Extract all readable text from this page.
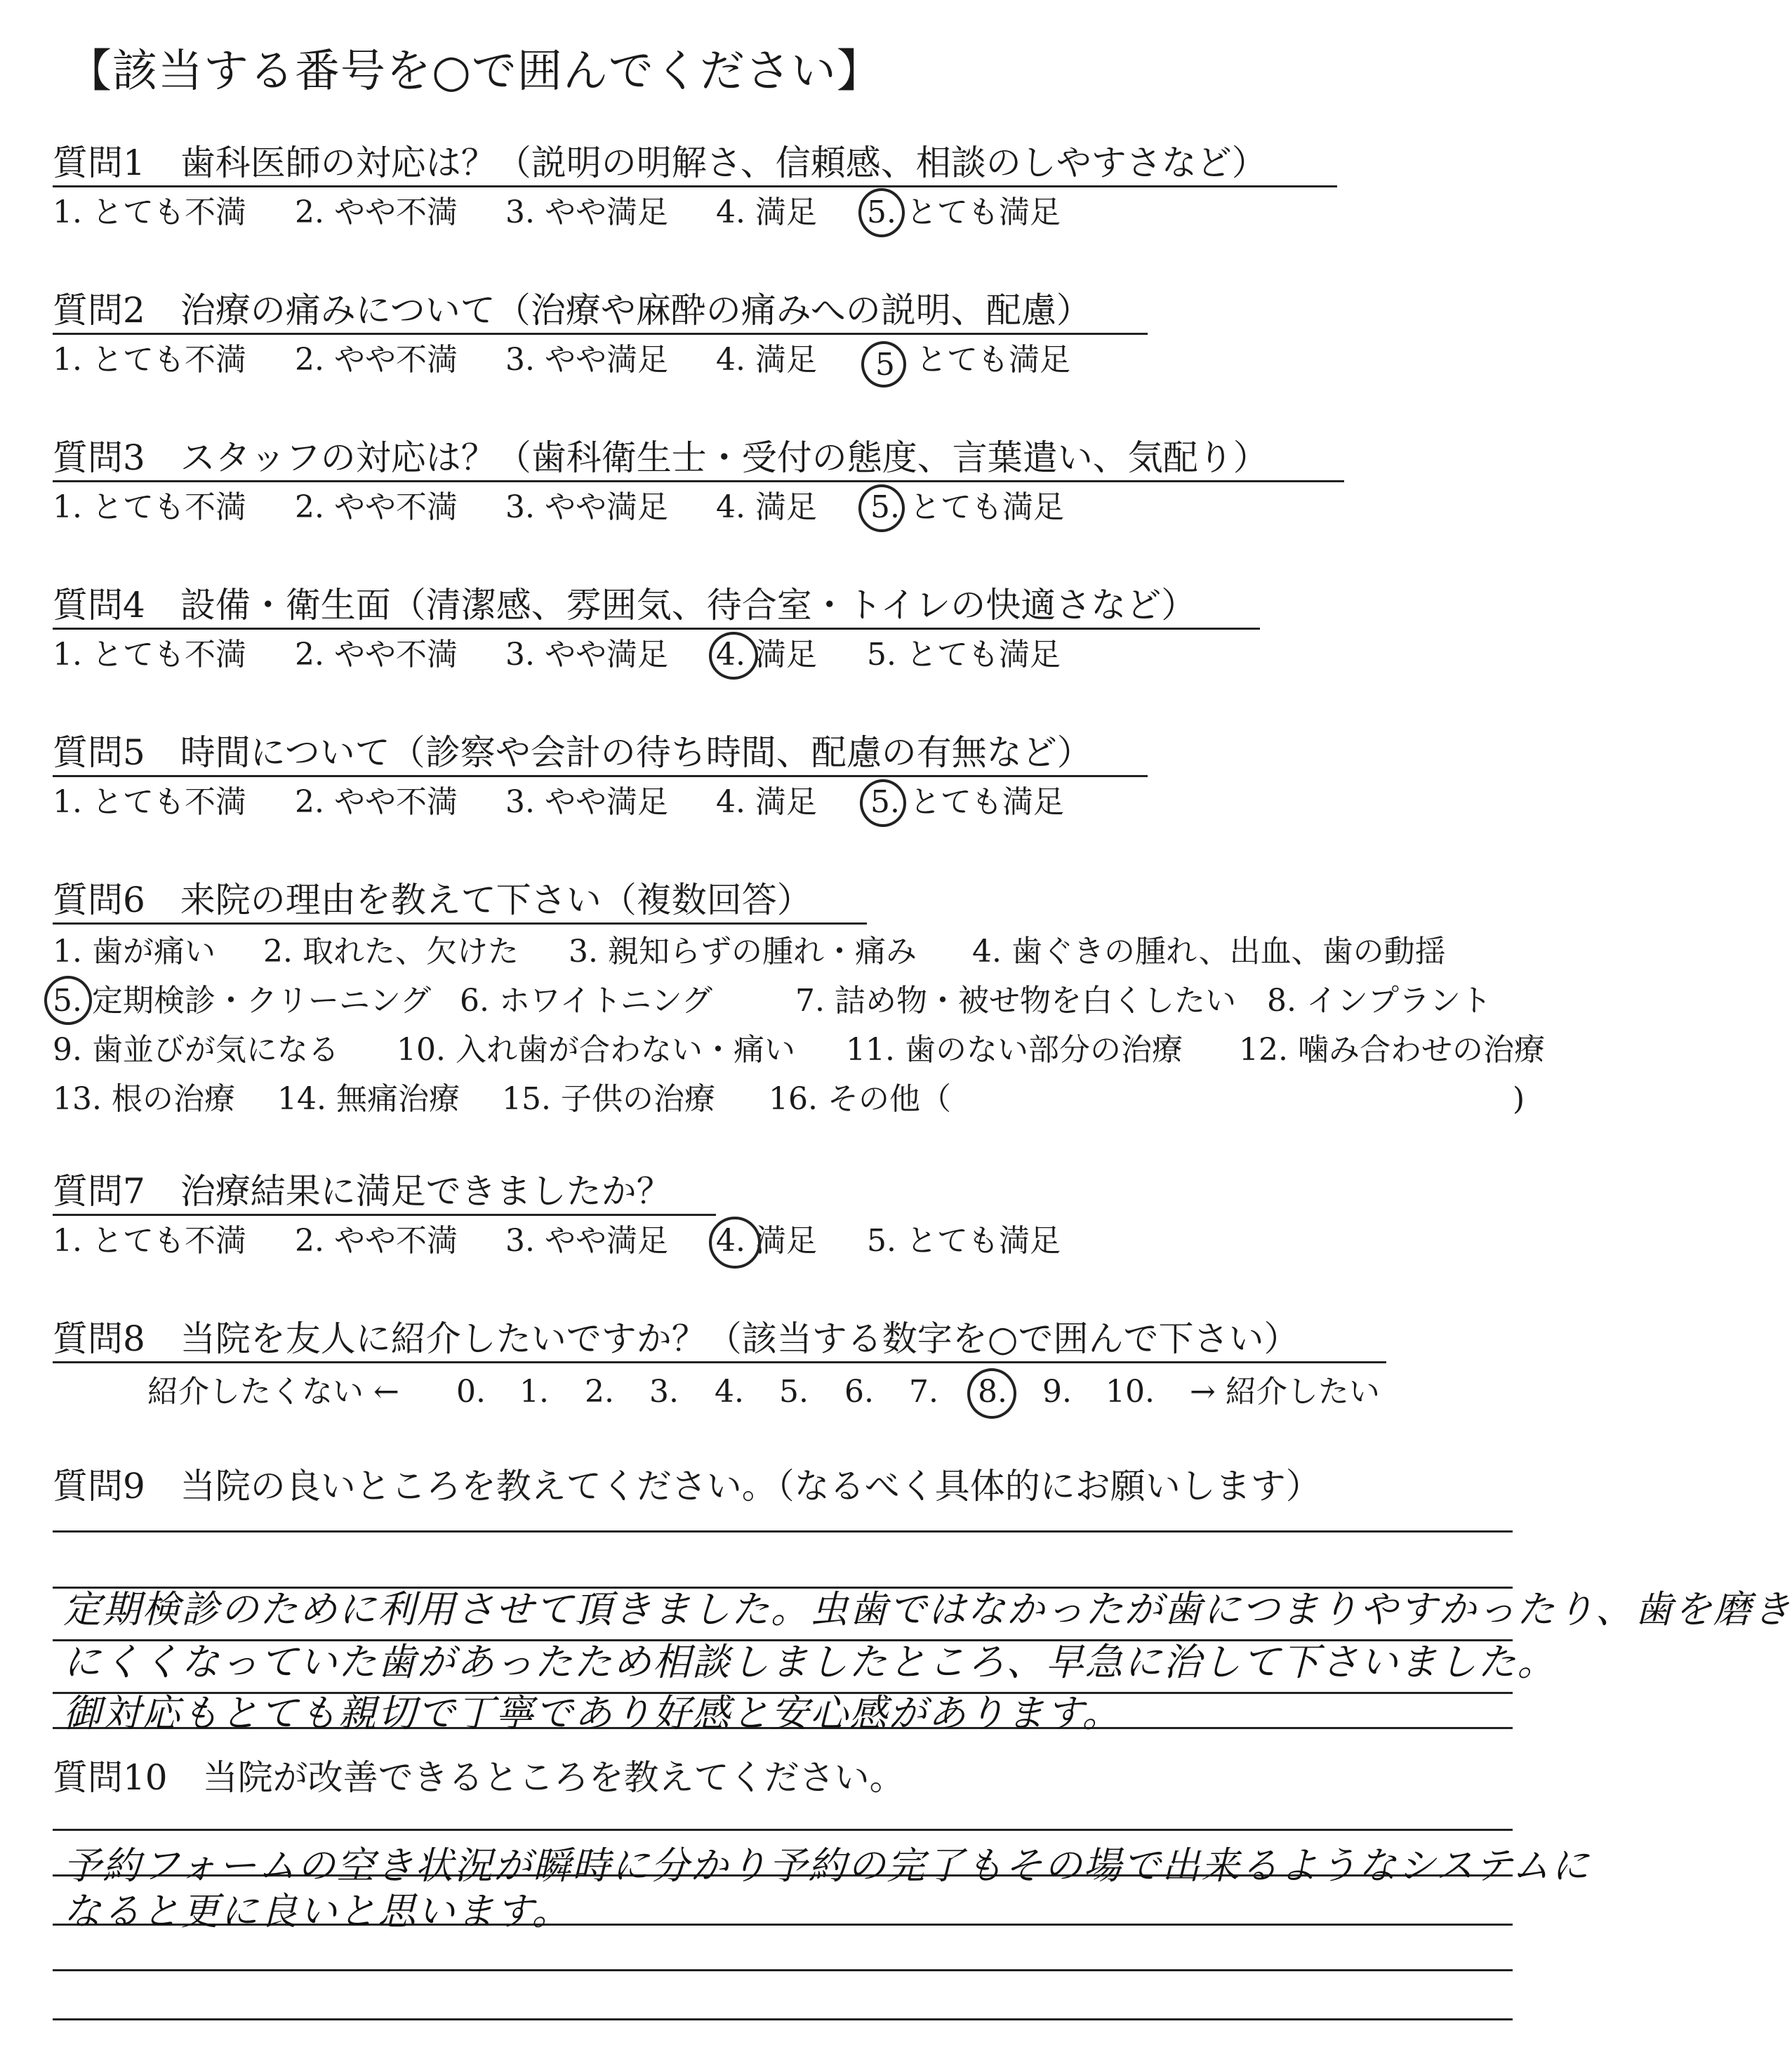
【該当する番号を○で囲んでください】
質問1　歯科医師の対応は？（説明の明解さ、信頼感、相談のしやすさなど）
1. とても不満 2. やや不満 3. やや満足 4. 満足 5. とても満足
質問2　治療の痛みについて（治療や麻酔の痛みへの説明、配慮）
1. とても不満 2. やや不満 3. やや満足 4. 満足 5 とても満足
質問3　スタッフの対応は？（歯科衛生士・受付の態度、言葉遣い、気配り）
1. とても不満 2. やや不満 3. やや満足 4. 満足 5. とても満足
質問4　設備・衛生面（清潔感、雰囲気、待合室・トイレの快適さなど）
1. とても不満 2. やや不満 3. やや満足 4. 満足 5. とても満足
質問5　時間について（診察や会計の待ち時間、配慮の有無など）
1. とても不満 2. やや不満 3. やや満足 4. 満足 5. とても満足
質問6　来院の理由を教えて下さい（複数回答）
1. 歯が痛い 2. 取れた、欠けた 3. 親知らずの腫れ・痛み 4. 歯ぐきの腫れ、出血、歯の動揺
5. 定期検診・クリーニング 6. ホワイトニング	7. 詰め物・被せ物を白くしたい 8. インプラント
9. 歯並びが気になる 10. 入れ歯が合わない・痛い 11. 歯のない部分の治療 12. 噛み合わせの治療
13. 根の治療 14. 無痛治療 15. 子供の治療 16. その他（	)
質問7　治療結果に満足できましたか？
1. とても不満 2. やや不満 3. やや満足 4. 満足 5. とても満足
質問8　当院を友人に紹介したいですか？（該当する数字を○で囲んで下さい）
紹介したくない ← 0. 1. 2. 3. 4. 5. 6. 7. 8. 9. 10. → 紹介したい
質問9　当院の良いところを教えてください。（なるべく具体的にお願いします）
定期検診のために利用させて頂きました。虫歯ではなかったが歯につまりやすかったり、歯を磨き
にくくなっていた歯があったため相談しましたところ、早急に治して下さいました。
御対応もとても親切で丁寧であり好感と安心感があります。
質問10　当院が改善できるところを教えてください。
予約フォームの空き状況が瞬時に分かり予約の完了もその場で出来るようなシステムに
なると更に良いと思います。
